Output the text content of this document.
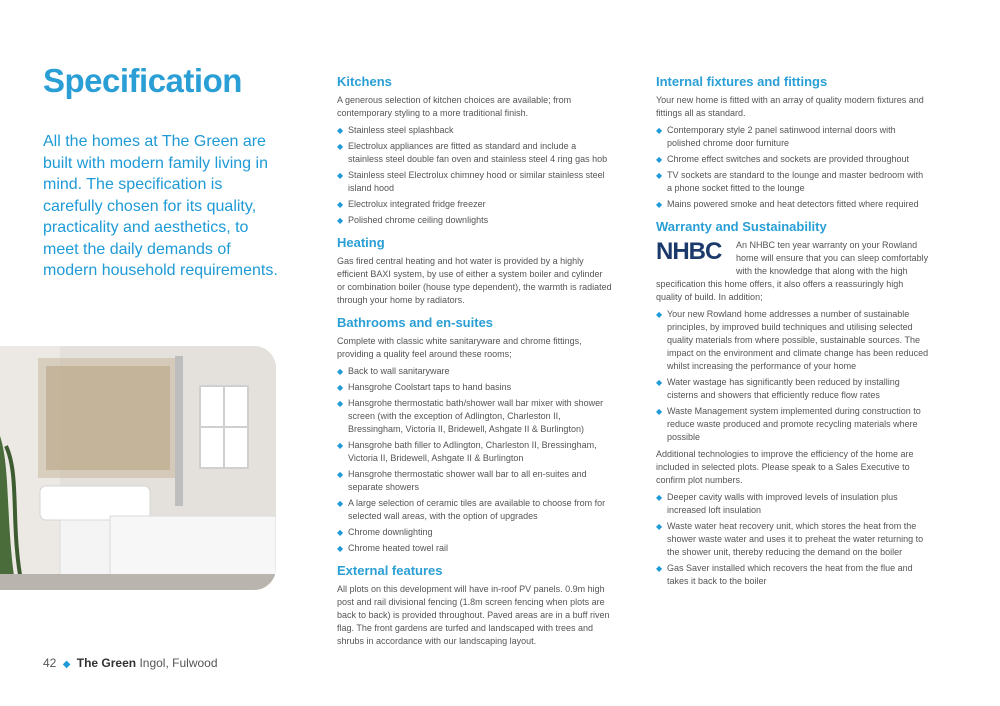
Specification

All the homes at The Green are built with modern family living in mind. The specification is carefully chosen for its quality, practicality and aesthetics, to meet the daily demands of modern household requirements.

42 ◆ The Green Ingol, Fulwood
Kitchens

A generous selection of kitchen choices are available; from contemporary styling to a more traditional finish.

◆ Stainless steel splashback
◆ Electrolux appliances are fitted as standard and include a stainless steel double fan oven and stainless steel 4 ring gas hob
◆ Stainless steel Electrolux chimney hood or similar stainless steel island hood
◆ Electrolux integrated fridge freezer
◆ Polished chrome ceiling downlights
Heating

Gas fired central heating and hot water is provided by a highly efficient BAXI system, by use of either a system boiler and cylinder or combination boiler (house type dependent), the warmth is radiated through your home by radiators.

Bathrooms and en-suites

Complete with classic white sanitaryware and chrome fittings, providing a quality feel around these rooms;

◆ Back to wall sanitaryware
◆ Hansgrohe Coolstart taps to hand basins
◆ Hansgrohe thermostatic bath/shower wall bar mixer with shower screen (with the exception of Adlington, Charleston II, Bressingham, Victoria II, Bridewell, Ashgate II & Burlington)
◆ Hansgrohe bath filler to Adlington, Charleston II, Bressingham, Victoria II, Bridewell, Ashgate II & Burlington
◆ Hansgrohe thermostatic shower wall bar to all en-suites and separate showers
◆ A large selection of ceramic tiles are available to choose from for selected wall areas, with the option of upgrades
◆ Chrome downlighting
◆ Chrome heated towel rail
External features

All plots on this development will have in-roof PV panels. 0.9m high post and rail divisional fencing (1.8m screen fencing when plots are back to back) is provided throughout. Paved areas are in a buff riven flag. The front gardens are turfed and landscaped with trees and shrubs in accordance with our landscaping layout.

Internal fixtures and fittings

Your new home is fitted with an array of quality modern fixtures and fittings all as standard.

◆ Contemporary style 2 panel satinwood internal doors with polished chrome door furniture
◆ Chrome effect switches and sockets are provided throughout
◆ TV sockets are standard to the lounge and master bedroom with a phone socket fitted to the lounge
◆ Mains powered smoke and heat detectors fitted where required
Warranty and Sustainability

NHBC	An NHBC ten year warranty on your Rowland home will ensure that you can sleep comfortably with the knowledge that along with the high specification this home offers, it also offers a reassuringly high quality of build. In addition;

◆ Your new Rowland home addresses a number of sustainable principles, by improved build techniques and utilising selected quality materials from where possible, sustainable sources. The impact on the environment and climate change has been reduced whilst increasing the performance of your home
◆ Water wastage has significantly been reduced by installing cisterns and showers that efficiently reduce flow rates
◆ Waste Management system implemented during construction to reduce waste produced and promote recycling materials where possible

Additional technologies to improve the efficiency of the home are included in selected plots. Please speak to a Sales Executive to confirm plot numbers.

◆ Deeper cavity walls with improved levels of insulation plus increased loft insulation
◆ Waste water heat recovery unit, which stores the heat from the shower waste water and uses it to preheat the water returning to the shower unit, thereby reducing the demand on the boiler
◆ Gas Saver installed which recovers the heat from the flue and takes it back to the boiler
